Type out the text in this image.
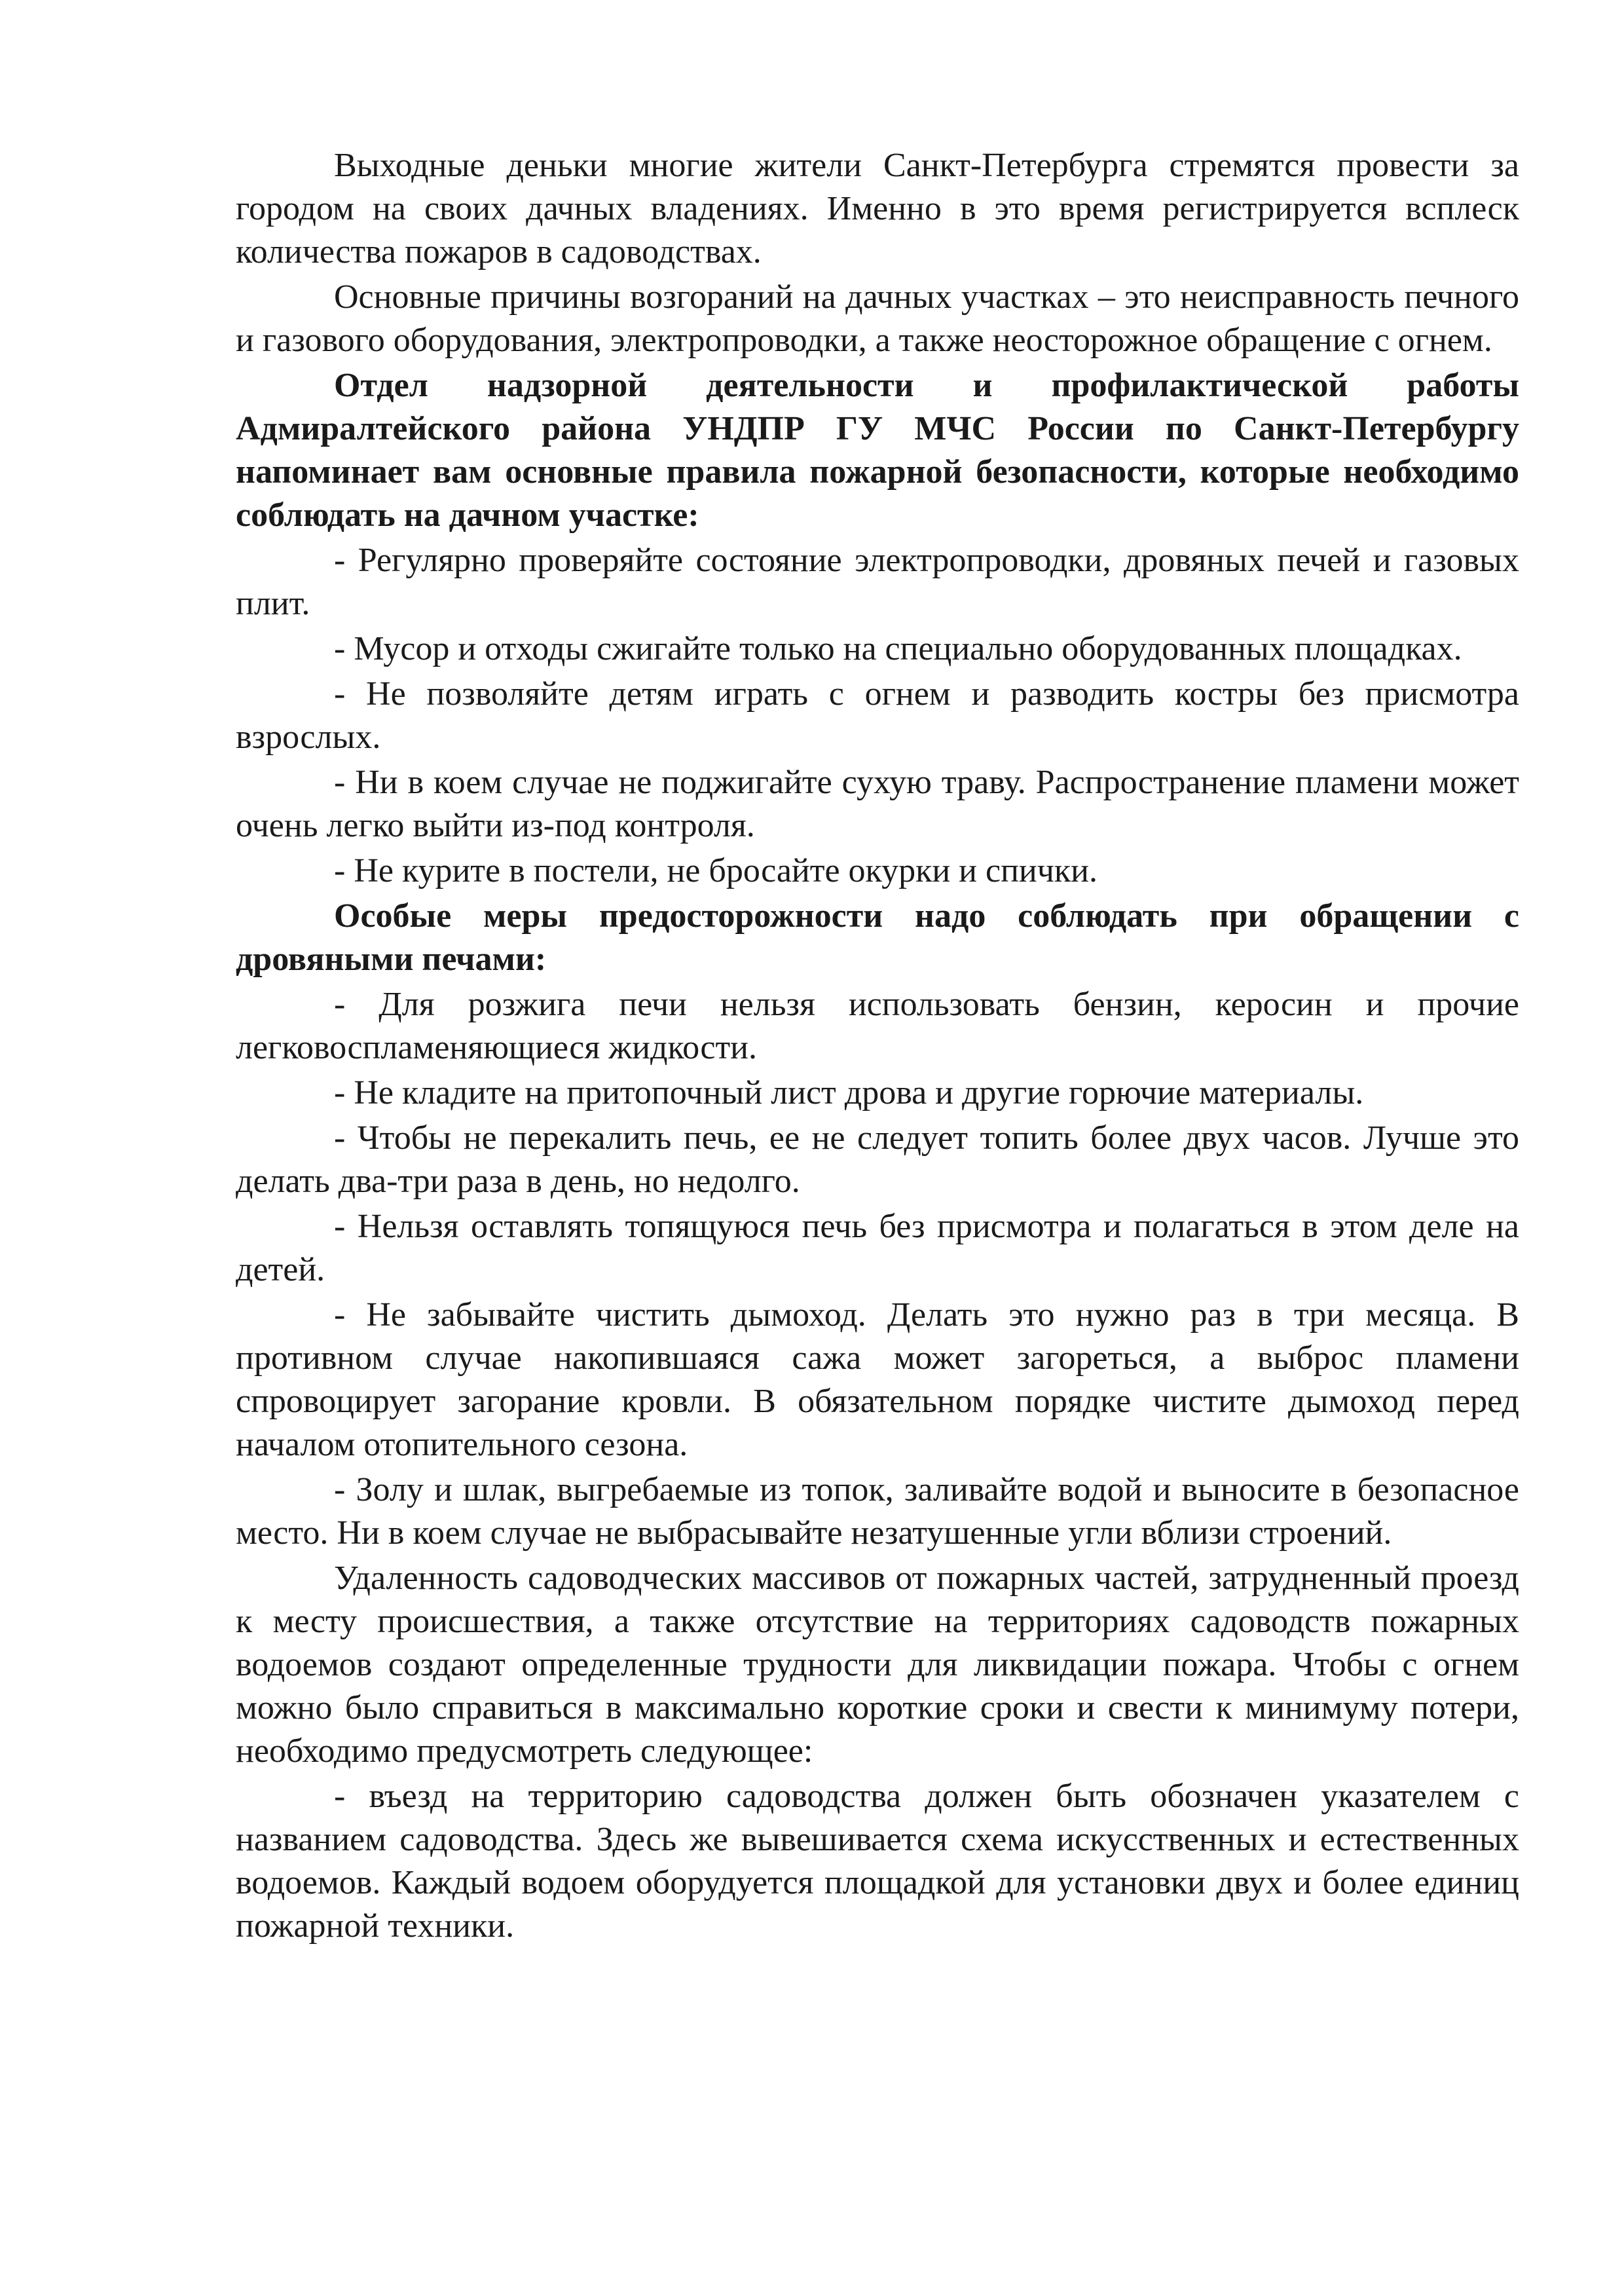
Выходные деньки многие жители Санкт-Петербурга стремятся провести за городом на своих дачных владениях. Именно в это время регистрируется всплеск количества пожаров в садоводствах.

Основные причины возгораний на дачных участках – это неисправность печного и газового оборудования, электропроводки, а также неосторожное обращение с огнем.

Отдел надзорной деятельности и профилактической работы Адмиралтейского района УНДПР ГУ МЧС России по Санкт-Петербургу напоминает вам основные правила пожарной безопасности, которые необходимо соблюдать на дачном участке:

- Регулярно проверяйте состояние электропроводки, дровяных печей и газовых плит.

- Мусор и отходы сжигайте только на специально оборудованных площадках.

- Не позволяйте детям играть с огнем и разводить костры без присмотра взрослых.

- Ни в коем случае не поджигайте сухую траву. Распространение пламени может очень легко выйти из-под контроля.

- Не курите в постели, не бросайте окурки и спички.

Особые меры предосторожности надо соблюдать при обращении с дровяными печами:

- Для розжига печи нельзя использовать бензин, керосин и прочие легковоспламеняющиеся жидкости.

- Не кладите на притопочный лист дрова и другие горючие материалы.

- Чтобы не перекалить печь, ее не следует топить более двух часов. Лучше это делать два-три раза в день, но недолго.

- Нельзя оставлять топящуюся печь без присмотра и полагаться в этом деле на детей.

- Не забывайте чистить дымоход. Делать это нужно раз в три месяца. В противном случае накопившаяся сажа может загореться, а выброс пламени спровоцирует загорание кровли. В обязательном порядке чистите дымоход перед началом отопительного сезона.

- Золу и шлак, выгребаемые из топок, заливайте водой и выносите в безопасное место. Ни в коем случае не выбрасывайте незатушенные угли вблизи строений.

Удаленность садоводческих массивов от пожарных частей, затрудненный проезд к месту происшествия, а также отсутствие на территориях садоводств пожарных водоемов создают определенные трудности для ликвидации пожара. Чтобы с огнем можно было справиться в максимально короткие сроки и свести к минимуму потери, необходимо предусмотреть следующее:

- въезд на территорию садоводства должен быть обозначен указателем с названием садоводства. Здесь же вывешивается схема искусственных и естественных водоемов. Каждый водоем оборудуется площадкой для установки двух и более единиц пожарной техники.
